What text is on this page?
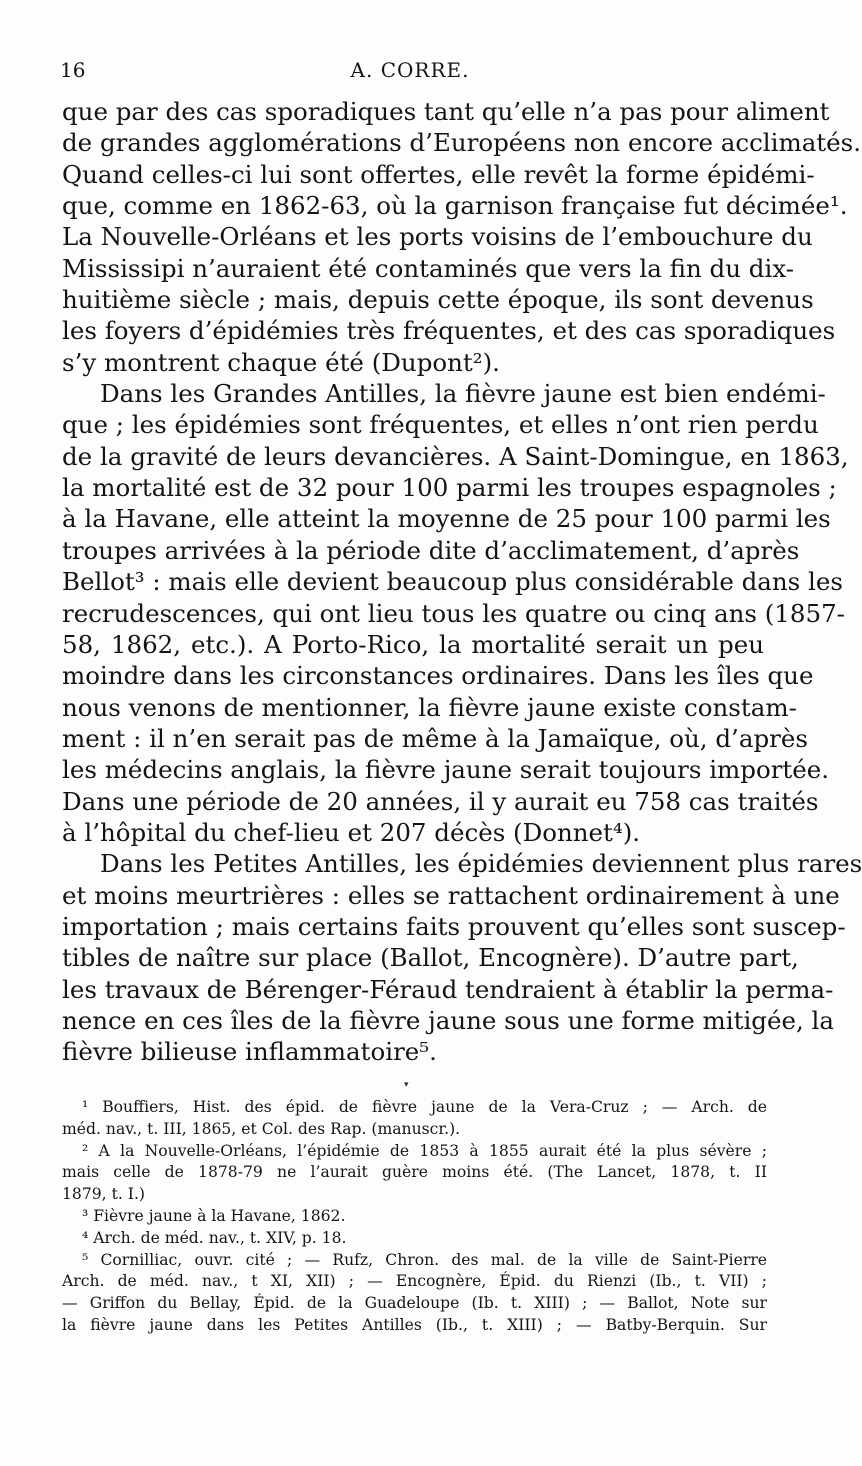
16	A. CORRE.
que par des cas sporadiques tant qu’elle n’a pas pour aliment
de grandes agglomérations d’Européens non encore acclimatés.
Quand celles-ci lui sont offertes, elle revêt la forme épidémi-
que, comme en 1862-63, où la garnison française fut décimée¹.
La Nouvelle-Orléans et les ports voisins de l’embouchure du
Mississipi n’auraient été contaminés que vers la fin du dix-
huitième siècle ; mais, depuis cette époque, ils sont devenus
les foyers d’épidémies très fréquentes, et des cas sporadiques
s’y montrent chaque été (Dupont²).
Dans les Grandes Antilles, la fièvre jaune est bien endémi-
que ; les épidémies sont fréquentes, et elles n’ont rien perdu
de la gravité de leurs devancières. A Saint-Domingue, en 1863,
la mortalité est de 32 pour 100 parmi les troupes espagnoles ;
à la Havane, elle atteint la moyenne de 25 pour 100 parmi les
troupes arrivées à la période dite d’acclimatement, d’après
Bellot³ : mais elle devient beaucoup plus considérable dans les
recrudescences, qui ont lieu tous les quatre ou cinq ans (1857-
58, 1862, etc.). A Porto-Rico, la mortalité serait un peu
moindre dans les circonstances ordinaires. Dans les îles que
nous venons de mentionner, la fièvre jaune existe constam-
ment : il n’en serait pas de même à la Jamaïque, où, d’après
les médecins anglais, la fièvre jaune serait toujours importée.
Dans une période de 20 années, il y aurait eu 758 cas traités
à l’hôpital du chef-lieu et 207 décès (Donnet⁴).
Dans les Petites Antilles, les épidémies deviennent plus rares
et moins meurtrières : elles se rattachent ordinairement à une
importation ; mais certains faits prouvent qu’elles sont suscep-
tibles de naître sur place (Ballot, Encognère). D’autre part,
les travaux de Bérenger-Féraud tendraient à établir la perma-
nence en ces îles de la fièvre jaune sous une forme mitigée, la
fièvre bilieuse inflammatoire⁵.
▾
¹ Bouffiers, Hist. des épid. de fièvre jaune de la Vera-Cruz ; — Arch. de
méd. nav., t. III, 1865, et Col. des Rap. (manuscr.).
² A la Nouvelle-Orléans, l’épidémie de 1853 à 1855 aurait été la plus sévère ;
mais celle de 1878-79 ne l’aurait guère moins été. (The Lancet, 1878, t. II
1879, t. I.)
³ Fièvre jaune à la Havane, 1862.
⁴ Arch. de méd. nav., t. XIV, p. 18.
⁵ Cornilliac, ouvr. cité ; — Rufz, Chron. des mal. de la ville de Saint-Pierre
Arch. de méd. nav., t XI, XII) ; — Encognère, Épid. du Rienzi (Ib., t. VII) ;
— Griffon du Bellay, Épid. de la Guadeloupe (Ib. t. XIII) ; — Ballot, Note sur
la fièvre jaune dans les Petites Antilles (Ib., t. XIII) ; — Batby-Berquin. Sur
